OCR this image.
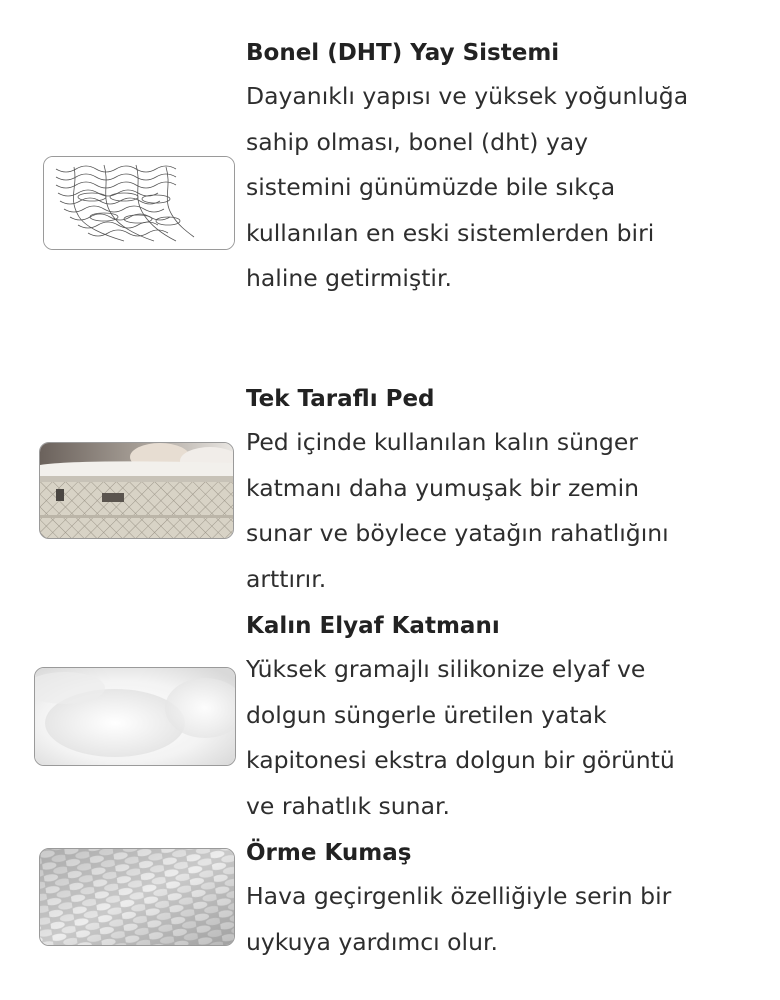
Bonel (DHT) Yay Sistemi

Dayanıklı yapısı ve yüksek yoğunluğa
sahip olması, bonel (dht) yay
sistemini günümüzde bile sıkça
kullanılan en eski sistemlerden biri
haline getirmiştir.

Tek Taraflı Ped

Ped içinde kullanılan kalın sünger
katmanı daha yumuşak bir zemin
sunar ve böylece yatağın rahatlığını
arttırır.

Kalın Elyaf Katmanı

Yüksek gramajlı silikonize elyaf ve
dolgun süngerle üretilen yatak
kapitonesi ekstra dolgun bir görüntü
ve rahatlık sunar.

Örme Kumaş

Hava geçirgenlik özelliğiyle serin bir
uykuya yardımcı olur.
